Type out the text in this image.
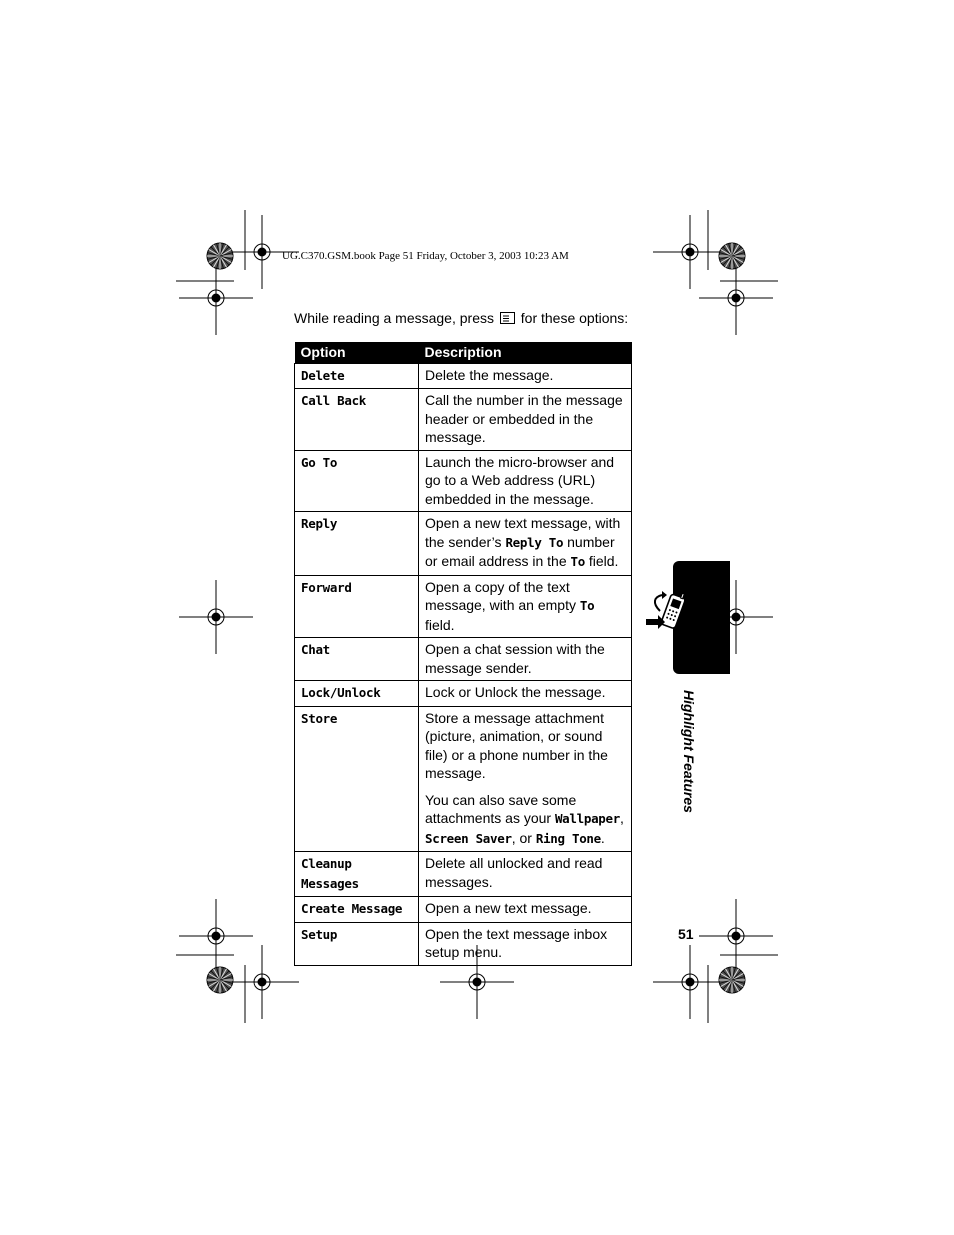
UG.C370.GSM.book Page 51 Friday, October 3, 2003 10:23 AM
While reading a message, press for these options:
Option	Description
Delete	Delete the message.
Call Back	Call the number in the message header or embedded in the message.
Go To	Launch the micro-browser and go to a Web address (URL) embedded in the message.
Reply	Open a new text message, with the sender’s Reply To number or email address in the To field.
Forward	Open a copy of the text message, with an empty To field.
Chat	Open a chat session with the message sender.
Lock/Unlock	Lock or Unlock the message.
Store	Store a message attachment (picture, animation, or sound file) or a phone number in the message.
You can also save some attachments as your Wallpaper, Screen Saver, or Ring Tone.

Cleanup Messages	Delete all unlocked and read messages.
Create Message	Open a new text message.
Setup	Open the text message inbox setup menu.
Highlight Features
51
